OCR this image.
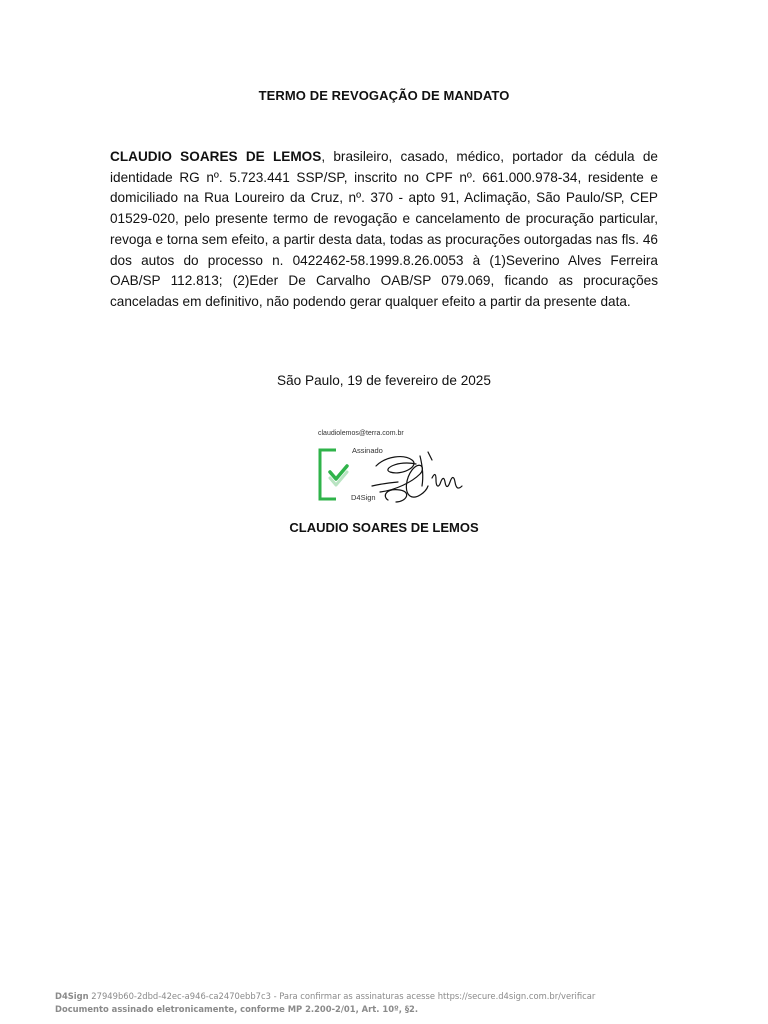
TERMO DE REVOGAÇÃO DE MANDATO
CLAUDIO SOARES DE LEMOS, brasileiro, casado, médico, portador da cédula de identidade RG nº. 5.723.441 SSP/SP, inscrito no CPF nº. 661.000.978-34, residente e domiciliado na Rua Loureiro da Cruz, nº. 370 - apto 91, Aclimação, São Paulo/SP, CEP 01529-020, pelo presente termo de revogação e cancelamento de procuração particular, revoga e torna sem efeito, a partir desta data, todas as procurações outorgadas nas fls. 46 dos autos do processo n. 0422462-58.1999.8.26.0053 à (1)Severino Alves Ferreira OAB/SP 112.813; (2)Eder De Carvalho OAB/SP 079.069, ficando as procurações canceladas em definitivo, não podendo gerar qualquer efeito a partir da presente data.
São Paulo, 19 de fevereiro de 2025
claudiolemos@terra.com.br
Assinado
D4Sign
CLAUDIO SOARES DE LEMOS
D4Sign 27949b60-2dbd-42ec-a946-ca2470ebb7c3 - Para confirmar as assinaturas acesse https://secure.d4sign.com.br/verificar
Documento assinado eletronicamente, conforme MP 2.200-2/01, Art. 10º, §2.
